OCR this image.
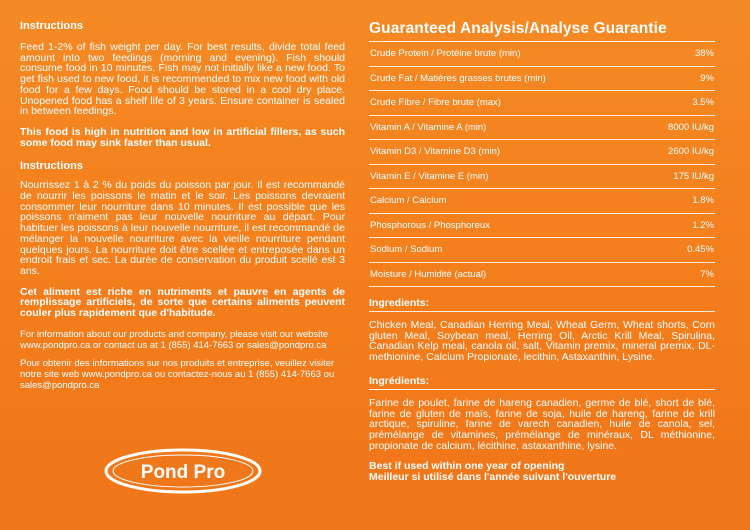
Instructions
Feed 1-2% of fish weight per day. For best results, divide total feed amount into two feedings (morning and evening). Fish should consume food in 10 minutes. Fish may not initially like a new food. To get fish used to new food, it is recommended to mix new food with old food for a few days. Food should be stored in a cool dry place. Unopened food has a shelf life of 3 years. Ensure container is sealed in between feedings.
This food is high in nutrition and low in artificial fillers, as such some food may sink faster than usual.
Instructions
Nourrissez 1 à 2 % du poids du poisson par jour. Il est recommandé de nourrir les poissons le matin et le soir. Les poissons devraient consommer leur nourriture dans 10 minutes. Il est possible que les poissons n'aiment pas leur nouvelle nourriture au départ. Pour habituer les poissons à leur nouvelle nourriture, il est recommandé de mélanger la nouvelle nourriture avec la vieille nourriture pendant quelques jours. La nourriture doit être scellée et entreposée dans un endroit frais et sec. La durée de conservation du produit scellé est 3 ans.
Cet aliment est riche en nutriments et pauvre en agents de remplissage artificiels, de sorte que certains aliments peuvent couler plus rapidement que d'habitude.
For information about our products and company, please visit our website www.pondpro.ca or contact us at 1 (855) 414-7663 or sales@pondpro.ca
Pour obtenir des informations sur nos produits et entreprise, veuillez visiter notre site web www.pondpro.ca ou contactez-nous au 1 (855) 414-7663 ou sales@pondpro.ca
Pond Pro
Guaranteed Analysis/Analyse Guarantie
Crude Protein / Protéine brute (min)	38%
Crude Fat / Matières grasses brutes (min)	9%
Crude Fibre / Fibre brute (max)	3.5%
Vitamin A / Vitamine A (min)	8000 IU/kg
Vitamin D3 / Vitamine D3 (min)	2600 IU/kg
Vitamin E / Vitamine E (min)	175 IU/kg
Calcium / Calcium	1.8%
Phosphorous / Phosphoreux	1.2%
Sodium / Sodium	0.45%
Moisture / Humidité (actual)	7%
Ingredients:
Chicken Meal, Canadian Herring Meal, Wheat Germ, Wheat shorts, Corn gluten Meal, Soybean meal, Herring Oil, Arctic Krill Meal, Spirulina, Canadian Kelp meal, canola oil, salt, Vitamin premix, mineral premix, DL-methionine, Calcium Propionate, lecithin, Astaxanthin, Lysine.
Ingrédients:
Farine de poulet, farine de hareng canadien, germe de blé, short de blé, farine de gluten de maïs, farine de soja, huile de hareng, farine de krill arctique, spiruline, farine de varech canadien, huile de canola, sel, prémélange de vitamines, prémélange de minéraux, DL méthionine, propionate de calcium, lécithine, astaxanthine, lysine.
Best if used within one year of opening
Meilleur si utilisé dans l'année suivant l'ouverture
